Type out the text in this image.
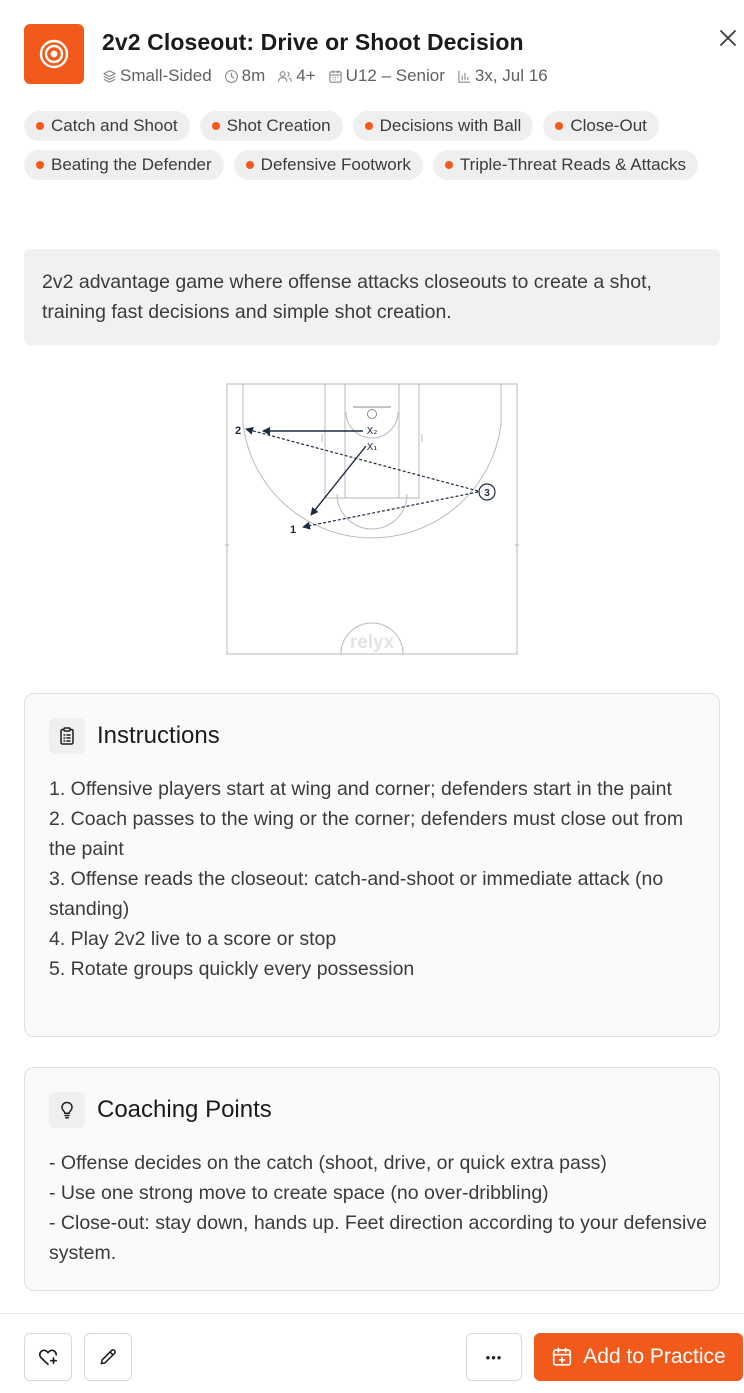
2v2 Closeout: Drive or Shoot Decision
Small-Sided 8m 4+ U12 – Senior 3x, Jul 16
Catch and Shoot	Shot Creation	Decisions with Ball	Close-Out
Beating the Defender	Defensive Footwork	Triple-Threat Reads & Attacks
2v2 advantage game where offense attacks closeouts to create a shot, training fast decisions and simple shot creation.
relyx
3
2
1
X₂
X₁
Instructions

1. Offensive players start at wing and corner; defenders start in the paint

2. Coach passes to the wing or the corner; defenders must close out from the paint

3. Offense reads the closeout: catch-and-shoot or immediate attack (no standing)

4. Play 2v2 live to a score or stop

5. Rotate groups quickly every possession

Coaching Points

- Offense decides on the catch (shoot, drive, or quick extra pass)

- Use one strong move to create space (no over-dribbling)

- Close-out: stay down, hands up. Feet direction according to your defensive system.

•••	Add to Practice
